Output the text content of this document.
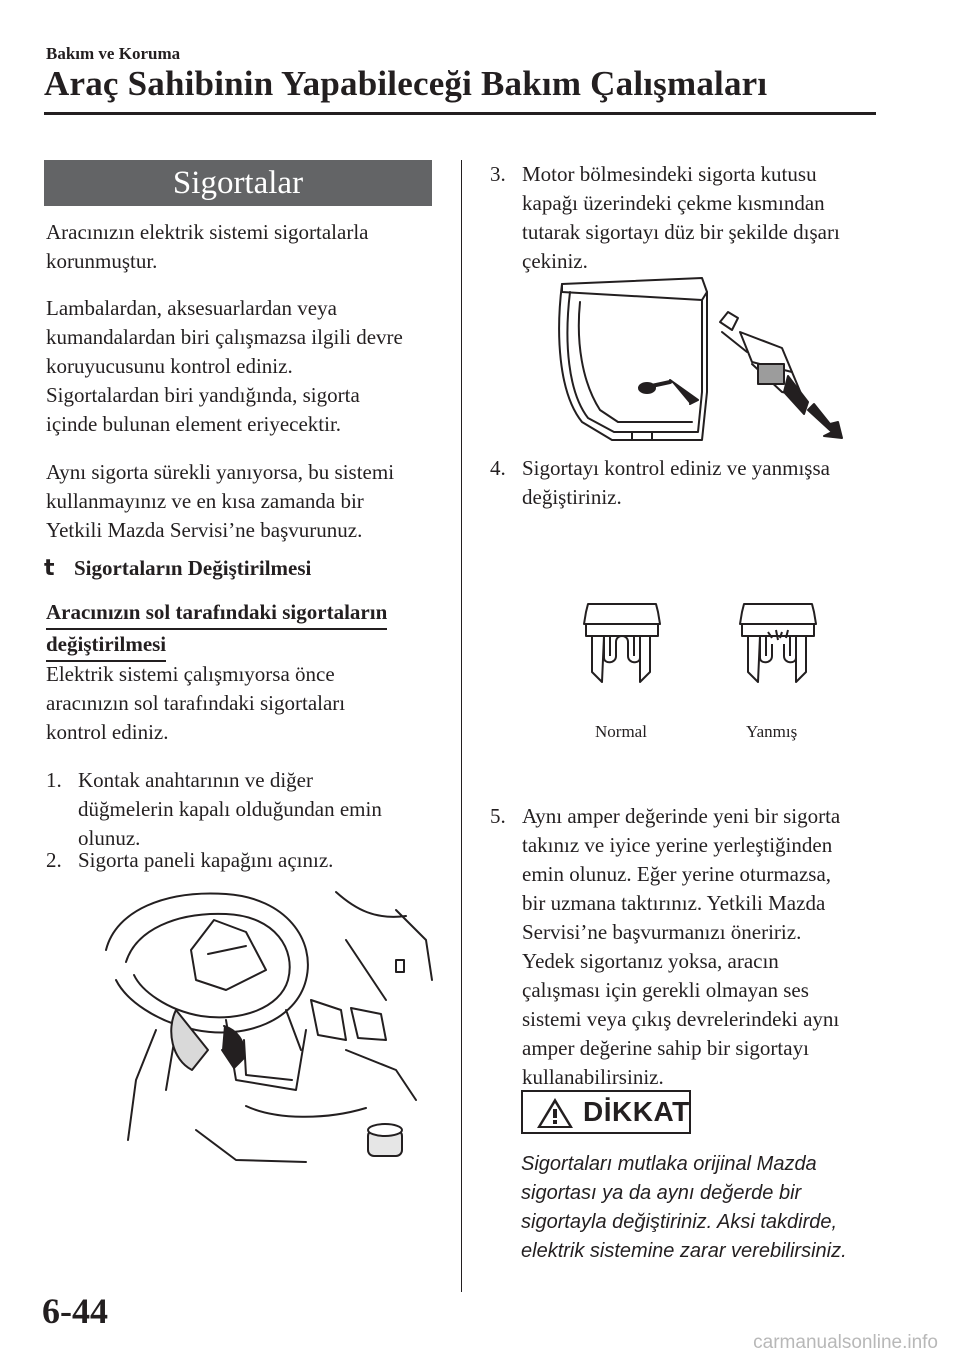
Bakım ve Koruma
Araç Sahibinin Yapabileceği Bakım Çalışmaları
Sigortalar
Aracınızın elektrik sistemi sigortalarla
korunmuştur.
Lambalardan, aksesuarlardan veya
kumandalardan biri çalışmazsa ilgili devre
koruyucusunu kontrol ediniz.
Sigortalardan biri yandığında, sigorta
içinde bulunan element eriyecektir.
Aynı sigorta sürekli yanıyorsa, bu sistemi
kullanmayınız ve en kısa zamanda bir
Yetkili Mazda Servisi’ne başvurunuz.
t Sigortaların Değiştirilmesi
Aracınızın sol tarafındaki sigortaların
değiştirilmesi
Elektrik sistemi çalışmıyorsa önce
aracınızın sol tarafındaki sigortaları
kontrol ediniz.
1. Kontak anahtarının ve diğer
düğmelerin kapalı olduğundan emin
olunuz.
2. Sigorta paneli kapağını açınız.
3. Motor bölmesindeki sigorta kutusu
kapağı üzerindeki çekme kısmından
tutarak sigortayı düz bir şekilde dışarı
çekiniz.
4. Sigortayı kontrol ediniz ve yanmışsa
değiştiriniz.
Normal	Yanmış
5. Aynı amper değerinde yeni bir sigorta
takınız ve iyice yerine yerleştiğinden
emin olunuz. Eğer yerine oturmazsa,
bir uzmana taktırınız. Yetkili Mazda
Servisi’ne başvurmanızı öneririz.
Yedek sigortanız yoksa, aracın
çalışması için gerekli olmayan ses
sistemi veya çıkış devrelerindeki aynı
amper değerine sahip bir sigortayı
kullanabilirsiniz.
DİKKAT
Sigortaları mutlaka orijinal Mazda
sigortası ya da aynı değerde bir
sigortayla değiştiriniz. Aksi takdirde,
elektrik sistemine zarar verebilirsiniz.
6-44
carmanualsonline.info
